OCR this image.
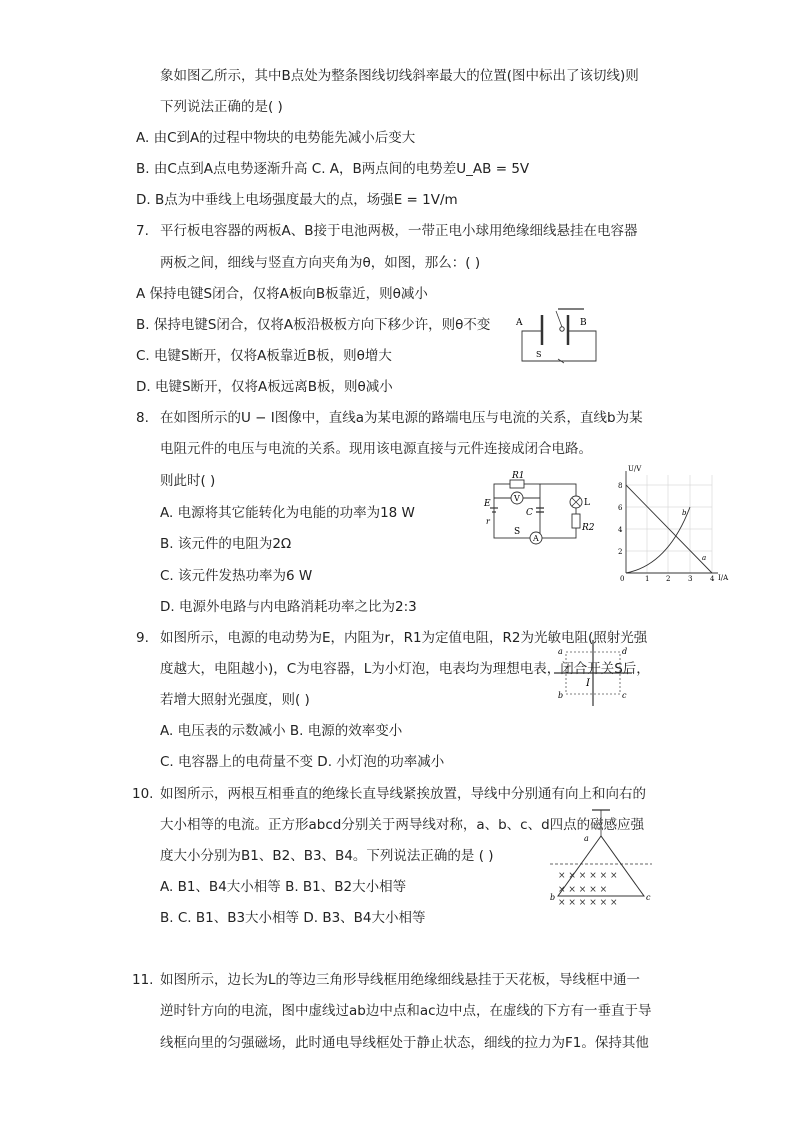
象如图乙所示，其中B点处为整条图线切线斜率最大的位置(图中标出了该切线)则
下列说法正确的是( )
A. 由C到A的过程中物块的电势能先减小后变大
B. 由C点到A点电势逐渐升高 C. A，B两点间的电势差U_AB = 5V
D. B点为中垂线上电场强度最大的点，场强E = 1V/m
7. 平行板电容器的两板A、B接于电池两极，一带正电小球用绝缘细线悬挂在电容器
两板之间，细线与竖直方向夹角为θ，如图，那么：( )
A 保持电键S闭合，仅将A板向B板靠近，则θ减小
B. 保持电键S闭合，仅将A板沿极板方向下移少许，则θ不变
C. 电键S断开，仅将A板靠近B板，则θ增大
D. 电键S断开，仅将A板远离B板，则θ减小
A	B
S
8. 在如图所示的U − I图像中，直线a为某电源的路端电压与电流的关系，直线b为某
电阻元件的电压与电流的关系。现用该电源直接与元件连接成闭合电路。
则此时( )
A. 电源将其它能转化为电能的功率为18 W
B. 该元件的电阻为2Ω
C. 该元件发热功率为6 W
D. 电源外电路与内电路消耗功率之比为2:3
R1
V
C
L
R2
E
r
S
A
U/V
I/A
8
6
4
2
0	1 2	3	4
a
b
9. 如图所示，电源的电动势为E，内阻为r，R1为定值电阻，R2为光敏电阻(照射光强
度越大，电阻越小)，C为电容器，L为小灯泡，电表均为理想电表，闭合开关S后，
若增大照射光强度，则( )
A. 电压表的示数减小 B. 电源的效率变小
C. 电容器上的电荷量不变 D. 小灯泡的功率减小
a	d
b	c
I
10. 如图所示，两根互相垂直的绝缘长直导线紧挨放置，导线中分别通有向上和向右的
大小相等的电流。正方形abcd分别关于两导线对称，a、b、c、d四点的磁感应强
度大小分别为B1、B2、B3、B4。下列说法正确的是 ( )
A. B1、B4大小相等 B. B1、B2大小相等
B. C. B1、B3大小相等 D. B3、B4大小相等
× × × × × ×
× × × × ×
× × × × × ×
a
b	c
11. 如图所示，边长为L的等边三角形导线框用绝缘细线悬挂于天花板，导线框中通一
逆时针方向的电流，图中虚线过ab边中点和ac边中点，在虚线的下方有一垂直于导
线框向里的匀强磁场，此时通电导线框处于静止状态，细线的拉力为F1。保持其他
